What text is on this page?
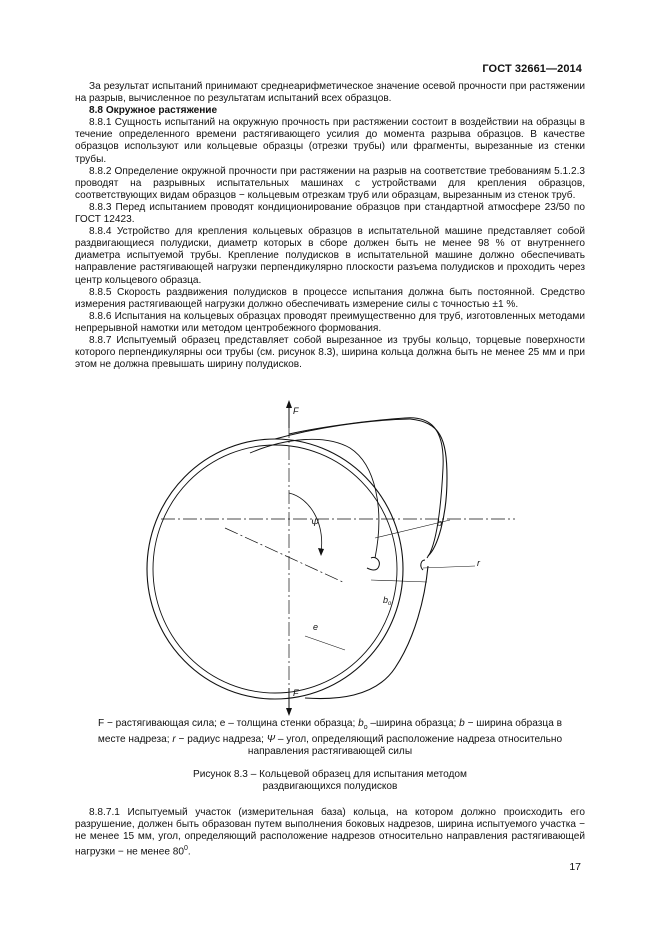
ГОСТ 32661—2014

За результат испытаний принимают среднеарифметическое значение осевой прочности при растяжении на разрыв, вычисленное по результатам испытаний всех образцов.

8.8 Окружное растяжение

8.8.1 Сущность испытаний на окружную прочность при растяжении состоит в воздействии на образцы в течение определенного времени растягивающего усилия до момента разрыва образцов. В качестве образцов используют или кольцевые образцы (отрезки трубы) или фрагменты, вырезанные из стенки трубы.

8.8.2 Определение окружной прочности при растяжении на разрыв на соответствие требованиям 5.1.2.3 проводят на разрывных испытательных машинах с устройствами для крепления образцов, соответствующих видам образцов − кольцевым отрезкам труб или образцам, вырезанным из стенок труб.

8.8.3 Перед испытанием проводят кондиционирование образцов при стандартной атмосфере 23/50 по ГОСТ 12423.

8.8.4 Устройство для крепления кольцевых образцов в испытательной машине представляет собой раздвигающиеся полудиски, диаметр которых в сборе должен быть не менее 98 % от внутреннего диаметра испытуемой трубы. Крепление полудисков в испытательной машине должно обеспечивать направление растягивающей нагрузки перпендикулярно плоскости разъема полудисков и проходить через центр кольцевого образца.

8.8.5 Скорость раздвижения полудисков в процессе испытания должна быть постоянной. Средство измерения растягивающей нагрузки должно обеспечивать измерение силы с точностью ±1 %.

8.8.6 Испытания на кольцевых образцах проводят преимущественно для труб, изготовленных методами непрерывной намотки или методом центробежного формования.

8.8.7 Испытуемый образец представляет собой вырезанное из трубы кольцо, торцевые поверхности которого перпендикулярны оси трубы (см. рисунок 8.3), ширина кольца должна быть не менее 25 мм и при этом не должна превышать ширину полудисков.

F
F
Ψ	b
$b_о$
r
e
F − растягивающая сила; е – толщина стенки образца; $b_о$ –ширина образца; b − ширина образца в
месте надреза; r − радиус надреза; Ψ – угол, определяющий расположение надреза относительно
направления растягивающей силы
Рисунок 8.3 – Кольцевой образец для испытания методом
раздвигающихся полудисков

8.8.7.1 Испытуемый участок (измерительная база) кольца, на котором должно происходить его разрушение, должен быть образован путем выполнения боковых надрезов, ширина испытуемого участка − не менее 15 мм, угол, определяющий расположение надрезов относительно направления растягивающей нагрузки − не менее $80^0$.

17
